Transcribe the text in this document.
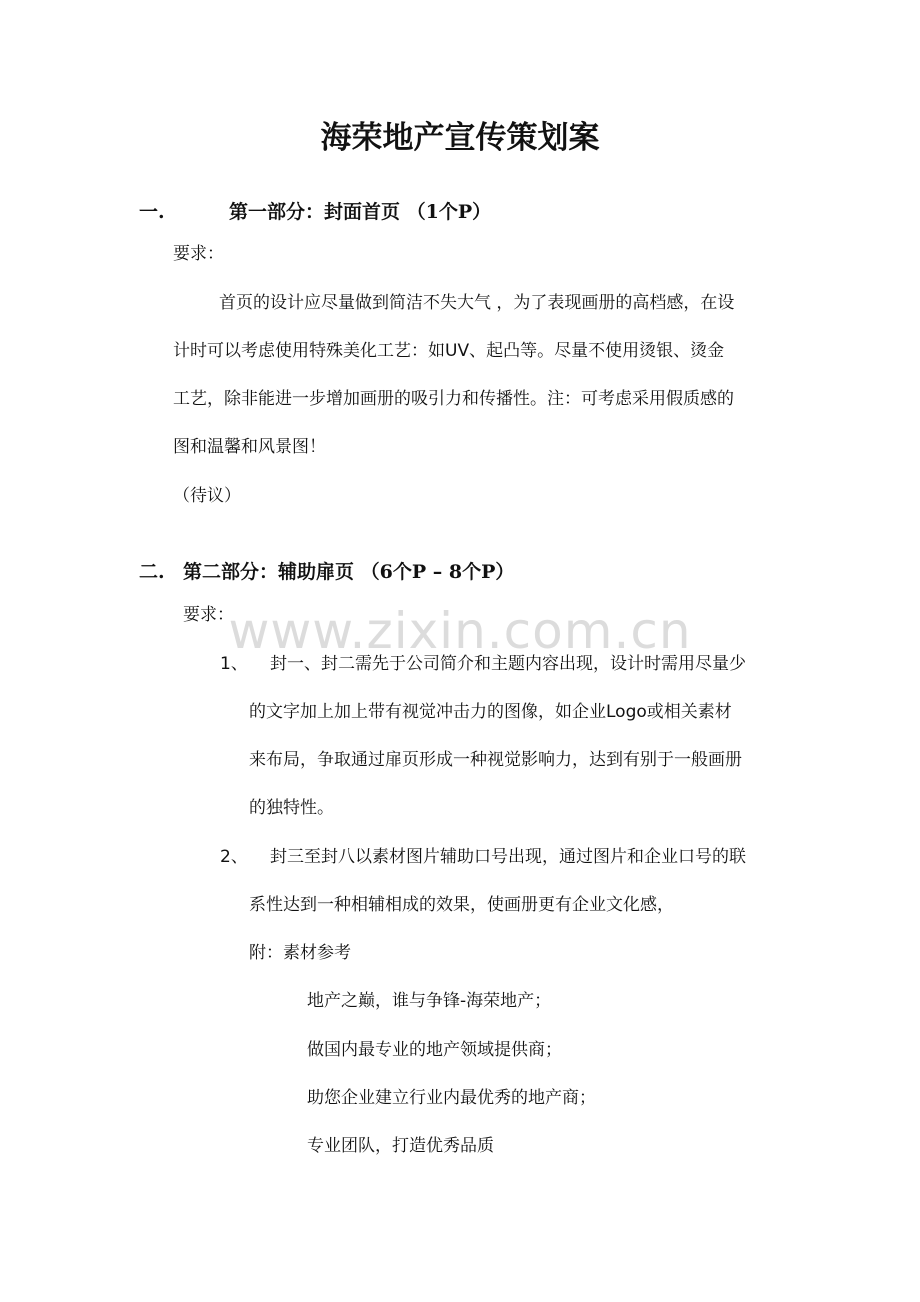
www.zixin.com.cn
海荣地产宣传策划案
一.	第一部分：封面首页 （1个P）
要求：
首页的设计应尽量做到简洁不失大气 ，为了表现画册的高档感，在设
计时可以考虑使用特殊美化工艺：如UV、起凸等。尽量不使用烫银、烫金
工艺，除非能进一步增加画册的吸引力和传播性。注：可考虑采用假质感的
图和温馨和风景图！
（待议）
二. 第二部分：辅助扉页 （6个P – 8个P）
要求：
1、 封一、封二需先于公司简介和主题内容出现，设计时需用尽量少
的文字加上加上带有视觉冲击力的图像，如企业Logo或相关素材
来布局，争取通过扉页形成一种视觉影响力，达到有别于一般画册
的独特性。
2、 封三至封八以素材图片辅助口号出现，通过图片和企业口号的联
系性达到一种相辅相成的效果，使画册更有企业文化感，
附：素材参考
地产之巅，谁与争锋-海荣地产；
做国内最专业的地产领域提供商；
助您企业建立行业内最优秀的地产商；
专业团队，打造优秀品质
